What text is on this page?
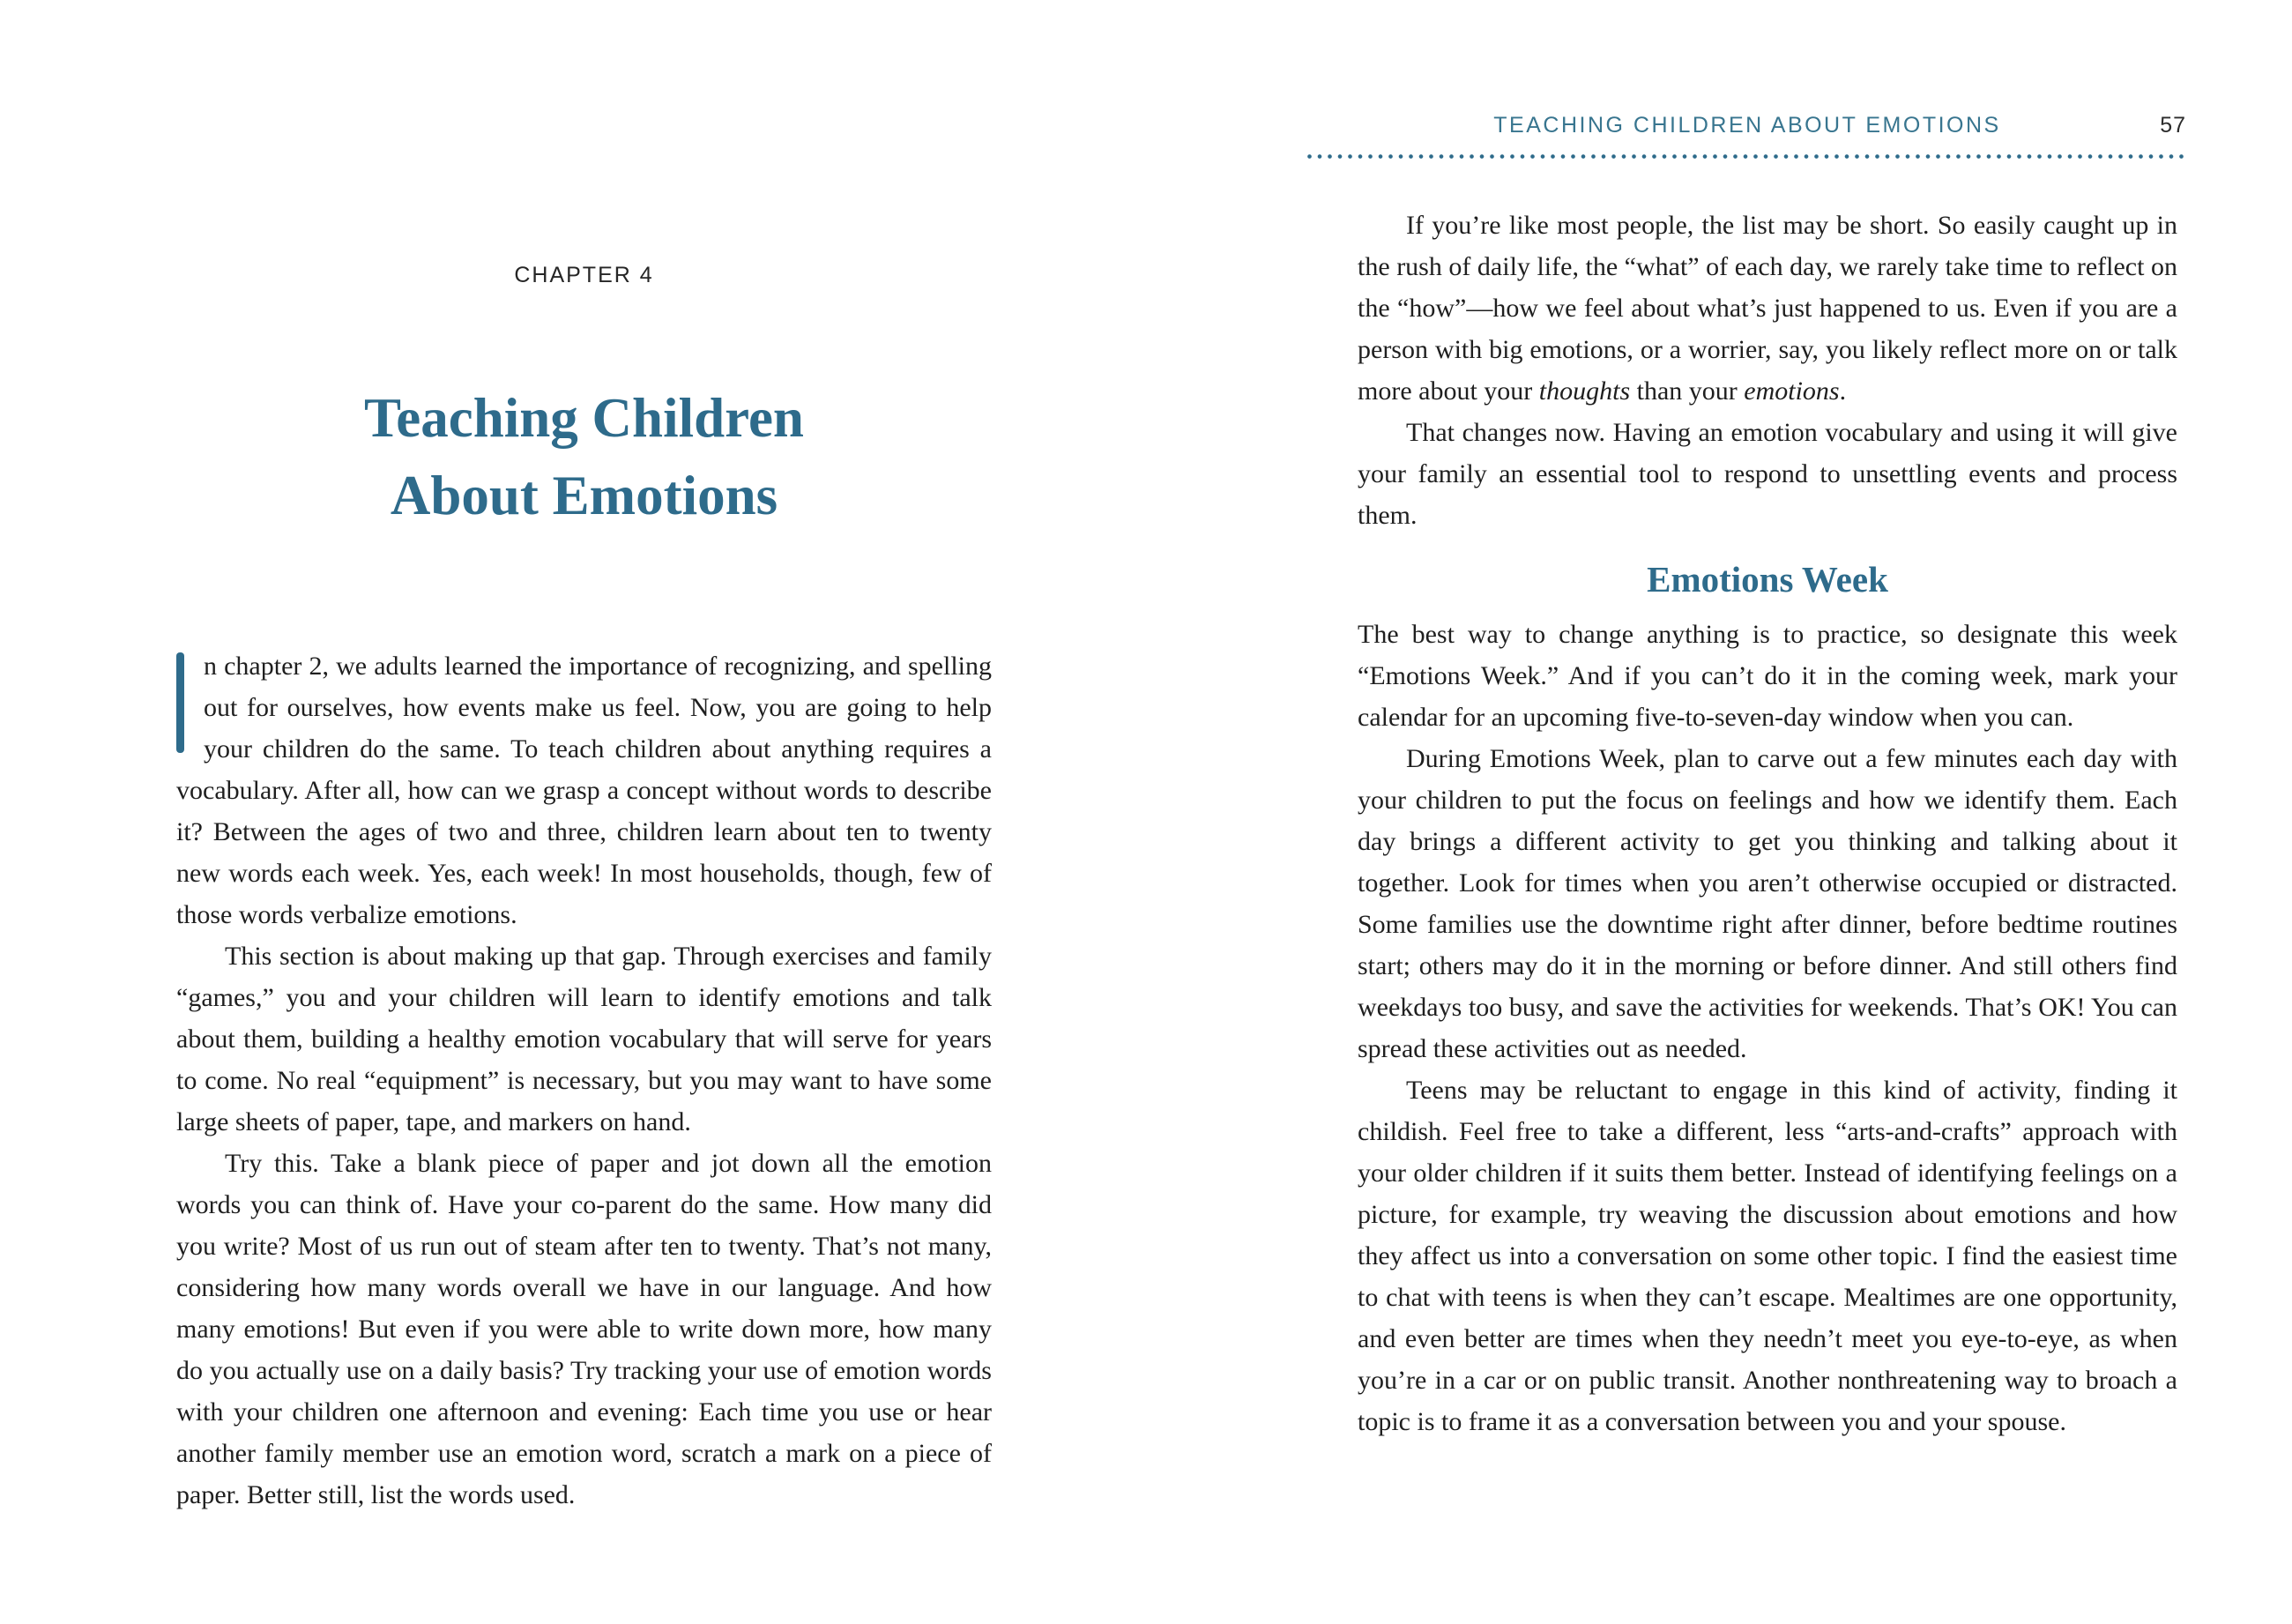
CHAPTER 4
Teaching Children
About Emotions

n chapter 2, we adults learned the importance of recognizing, and spelling out for ourselves, how events make us feel. Now, you are going to help your children do the same. To teach children about anything requires a vocabulary. After all, how can we grasp a concept without words to describe it? Between the ages of two and three, children learn about ten to twenty new words each week. Yes, each week! In most households, though, few of those words verbalize emotions.

This section is about making up that gap. Through exercises and family “games,” you and your children will learn to identify emotions and talk about them, building a healthy emotion vocabulary that will serve for years to come. No real “equipment” is necessary, but you may want to have some large sheets of paper, tape, and markers on hand.

Try this. Take a blank piece of paper and jot down all the emotion words you can think of. Have your co-parent do the same. How many did you write? Most of us run out of steam after ten to twenty. That’s not many, considering how many words overall we have in our language. And how many emotions! But even if you were able to write down more, how many do you actually use on a daily basis? Try tracking your use of emotion words with your children one afternoon and evening: Each time you use or hear another family member use an emotion word, scratch a mark on a piece of paper. Better still, list the words used.

TEACHING CHILDREN ABOUT EMOTIONS	57

If you’re like most people, the list may be short. So easily caught up in the rush of daily life, the “what” of each day, we rarely take time to reflect on the “how”—how we feel about what’s just happened to us. Even if you are a person with big emotions, or a worrier, say, you likely reflect more on or talk more about your thoughts than your emotions.

That changes now. Having an emotion vocabulary and using it will give your family an essential tool to respond to unsettling events and process them.

Emotions Week

The best way to change anything is to practice, so designate this week “Emotions Week.” And if you can’t do it in the coming week, mark your calendar for an upcoming five-to-seven-day window when you can.

During Emotions Week, plan to carve out a few minutes each day with your children to put the focus on feelings and how we identify them. Each day brings a different activity to get you thinking and talking about it together. Look for times when you aren’t otherwise occupied or distracted. Some families use the downtime right after dinner, before bedtime routines start; others may do it in the morning or before dinner. And still others find weekdays too busy, and save the activities for weekends. That’s OK! You can spread these activities out as needed.

Teens may be reluctant to engage in this kind of activity, finding it childish. Feel free to take a different, less “arts-and-crafts” approach with your older children if it suits them better. Instead of identifying feelings on a picture, for example, try weaving the discussion about emotions and how they affect us into a conversation on some other topic. I find the easiest time to chat with teens is when they can’t escape. Mealtimes are one opportunity, and even better are times when they needn’t meet you eye-to-eye, as when you’re in a car or on public transit. Another nonthreatening way to broach a topic is to frame it as a conversation between you and your spouse.
